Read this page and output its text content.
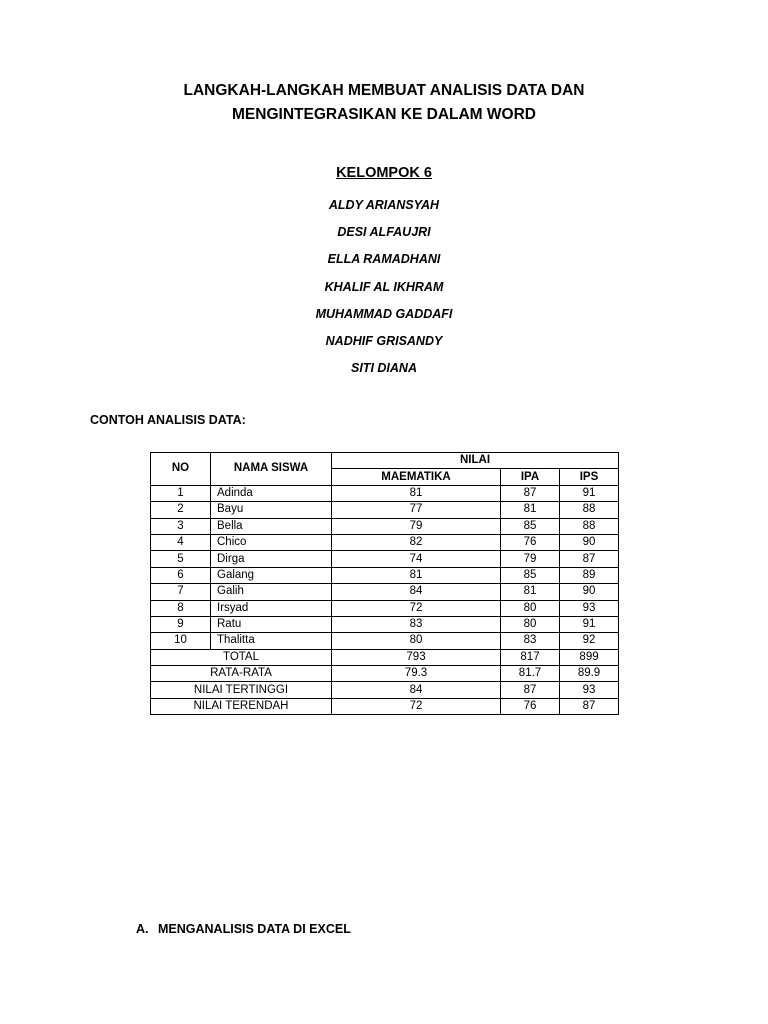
LANGKAH-LANGKAH MEMBUAT ANALISIS DATA DAN
MENGINTEGRASIKAN KE DALAM WORD
KELOMPOK 6
ALDY ARIANSYAH
DESI ALFAUJRI
ELLA RAMADHANI
KHALIF AL IKHRAM
MUHAMMAD GADDAFI
NADHIF GRISANDY
SITI DIANA
CONTOH ANALISIS DATA:
NO	NAMA SISWA	NILAI		
		MAEMATIKA	IPA	IPS
1	Adinda	81	87	91
2	Bayu	77	81	88
3	Bella	79	85	88
4	Chico	82	76	90
5	Dirga	74	79	87
6	Galang	81	85	89
7	Galih	84	81	90
8	Irsyad	72	80	93
9	Ratu	83	80	91
10	Thalitta	80	83	92
TOTAL		793	817	899
RATA-RATA		79.3	81.7	89.9
NILAI TERTINGGI		84	87	93
NILAI TERENDAH		72	76	87
A. MENGANALISIS DATA DI EXCEL
